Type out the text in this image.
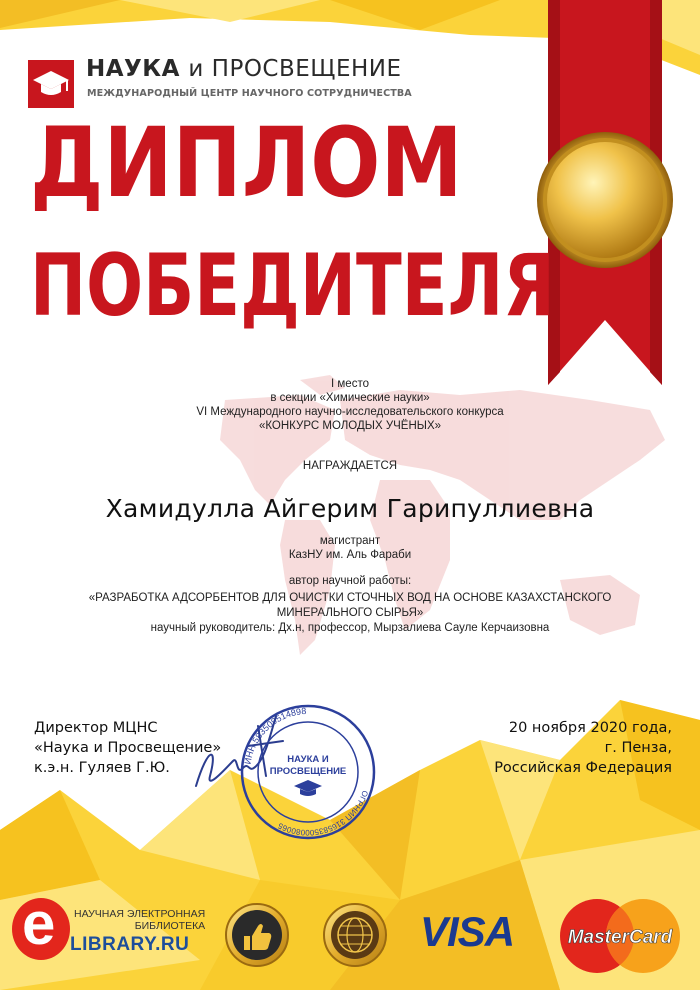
НАУКА и ПРОСВЕЩЕНИЕ
МЕЖДУНАРОДНЫЙ ЦЕНТР НАУЧНОГО СОТРУДНИЧЕСТВА
ДИПЛОМ
ПОБЕДИТЕЛЯ
I место
в секции «Химические науки»
VI Международного научно-исследовательского конкурса
«КОНКУРС МОЛОДЫХ УЧЁНЫХ»
НАГРАЖДАЕТСЯ
Хамидулла Айгерим Гарипуллиевна
магистрант
КазНУ им. Аль Фараби
автор научной работы:
«РАЗРАБОТКА АДСОРБЕНТОВ ДЛЯ ОЧИСТКИ СТОЧНЫХ ВОД НА ОСНОВЕ КАЗАХСТАНСКОГО
МИНЕРАЛЬНОГО СЫРЬЯ»
научный руководитель: Дх.н, профессор, Мырзалиева Сауле Керчаизовна
Директор МЦНС
«Наука и Просвещение»
к.э.н. Гуляев Г.Ю.	ИНН 583509514898
ОГРНИП 316583500080065
НАУКА И
ПРОСВЕЩЕНИЕ
20 ноября 2020 года,
г. Пенза,
Российская Федерация
e НАУЧНАЯ ЭЛЕКТРОННАЯ
БИБЛИОТЕКА
LIBRARY.RU	VISA	MasterCard
